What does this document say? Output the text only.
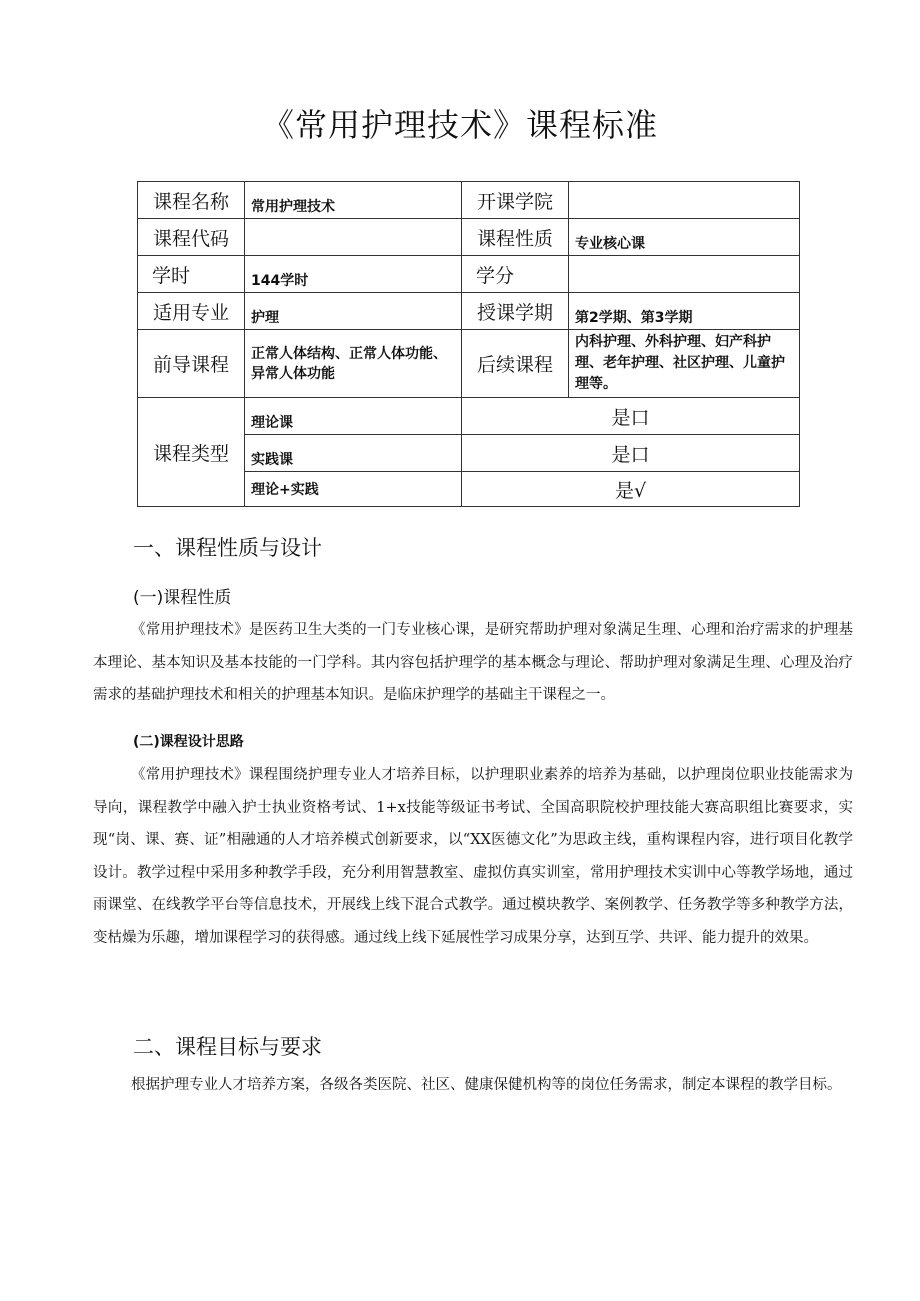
《常用护理技术》课程标准
课程名称	常用护理技术	开课学院	
课程代码		课程性质	专业核心课
学时	144学时	学分	
适用专业	护理	授课学期	第2学期、第3学期
前导课程	正常人体结构、正常人体功能、异常人体功能	后续课程	内科护理、外科护理、妇产科护理、老年护理、社区护理、儿童护理等。
课程类型	理论课	是口	
	实践课	是口	
	理论+实践	是√	
一、课程性质与设计
(一)课程性质

《常用护理技术》是医药卫生大类的一门专业核心课，是研究帮助护理对象满足生理、心理和治疗需求的护理基本理论、基本知识及基本技能的一门学科。其内容包括护理学的基本概念与理论、帮助护理对象满足生理、心理及治疗需求的基础护理技术和相关的护理基本知识。是临床护理学的基础主干课程之一。

(二)课程设计思路

《常用护理技术》课程围绕护理专业人才培养目标，以护理职业素养的培养为基础，以护理岗位职业技能需求为导向，课程教学中融入护士执业资格考试、1+x技能等级证书考试、全国高职院校护理技能大赛高职组比赛要求，实现“岗、课、赛、证”相融通的人才培养模式创新要求，以“XX医德文化”为思政主线，重构课程内容，进行项目化教学设计。教学过程中采用多种教学手段，充分利用智慧教室、虚拟仿真实训室，常用护理技术实训中心等教学场地，通过雨课堂、在线教学平台等信息技术，开展线上线下混合式教学。通过模块教学、案例教学、任务教学等多种教学方法，变枯燥为乐趣，增加课程学习的获得感。通过线上线下延展性学习成果分享，达到互学、共评、能力提升的效果。

二、课程目标与要求

根据护理专业人才培养方案，各级各类医院、社区、健康保健机构等的岗位任务需求，制定本课程的教学目标。
